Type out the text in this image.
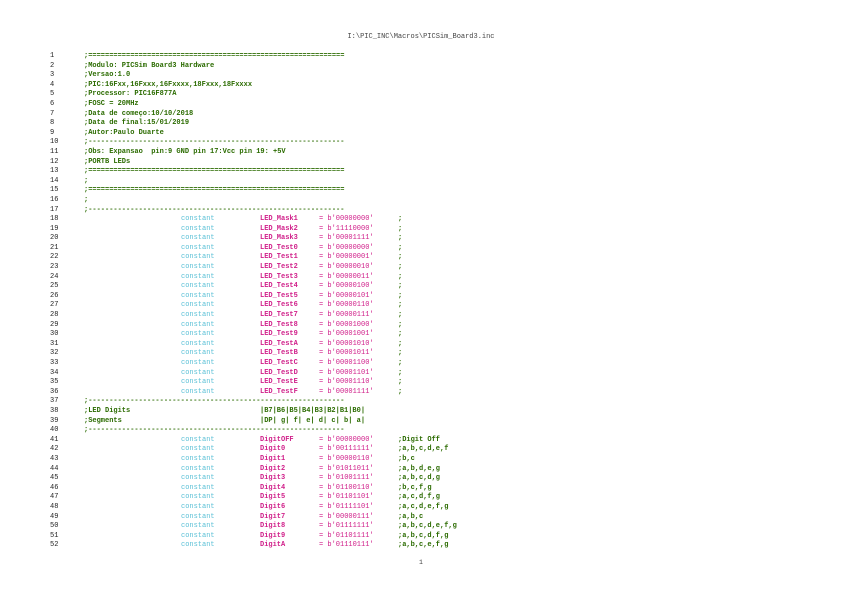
I:\PIC_INC\Macros\PICSim_Board3.inc
1	;=============================================================
2	;Modulo: PICSim Board3 Hardware
3	;Versao:1.0
4	;PIC:16Fxx,16Fxxx,16Fxxxx,18Fxxx,18Fxxxx
5	;Processor: PIC16F877A
6	;FOSC = 20MHz
7	;Data de começo:10/10/2018
8	;Data de final:15/01/2019
9	;Autor:Paulo Duarte
10	;-------------------------------------------------------------
11	;Obs: Expansao  pin:9 GND pin 17:Vcc pin 19: +5V
12	;PORTB LEDs
13	;=============================================================
14	;
15	;=============================================================
16	;
17	;-------------------------------------------------------------
18	constant	LED_Mask1	= b'00000000'	;
19	constant	LED_Mask2	= b'11110000'	;
20	constant	LED_Mask3	= b'00001111'	;
21	constant	LED_Test0	= b'00000000'	;
22	constant	LED_Test1	= b'00000001'	;
23	constant	LED_Test2	= b'00000010'	;
24	constant	LED_Test3	= b'00000011'	;
25	constant	LED_Test4	= b'00000100'	;
26	constant	LED_Test5	= b'00000101'	;
27	constant	LED_Test6	= b'00000110'	;
28	constant	LED_Test7	= b'00000111'	;
29	constant	LED_Test8	= b'00001000'	;
30	constant	LED_Test9	= b'00001001'	;
31	constant	LED_TestA	= b'00001010'	;
32	constant	LED_TestB	= b'00001011'	;
33	constant	LED_TestC	= b'00001100'	;
34	constant	LED_TestD	= b'00001101'	;
35	constant	LED_TestE	= b'00001110'	;
36	constant	LED_TestF	= b'00001111'	;
37	;-------------------------------------------------------------
38	;LED Digits	|B7|B6|B5|B4|B3|B2|B1|B0|
39	;Segments	|DP| g| f| e| d| c| b| a|
40	;-------------------------------------------------------------
41	constant	DigitOFF	= b'00000000'	;Digit Off
42	constant	Digit0	= b'00111111'	;a,b,c,d,e,f
43	constant	Digit1	= b'00000110'	;b,c
44	constant	Digit2	= b'01011011'	;a,b,d,e,g
45	constant	Digit3	= b'01001111'	;a,b,c,d,g
46	constant	Digit4	= b'01100110'	;b,c,f,g
47	constant	Digit5	= b'01101101'	;a,c,d,f,g
48	constant	Digit6	= b'01111101'	;a,c,d,e,f,g
49	constant	Digit7	= b'00000111'	;a,b,c
50	constant	Digit8	= b'01111111'	;a,b,c,d,e,f,g
51	constant	Digit9	= b'01101111'	;a,b,c,d,f,g
52	constant	DigitA	= b'01110111'	;a,b,c,e,f,g
1
